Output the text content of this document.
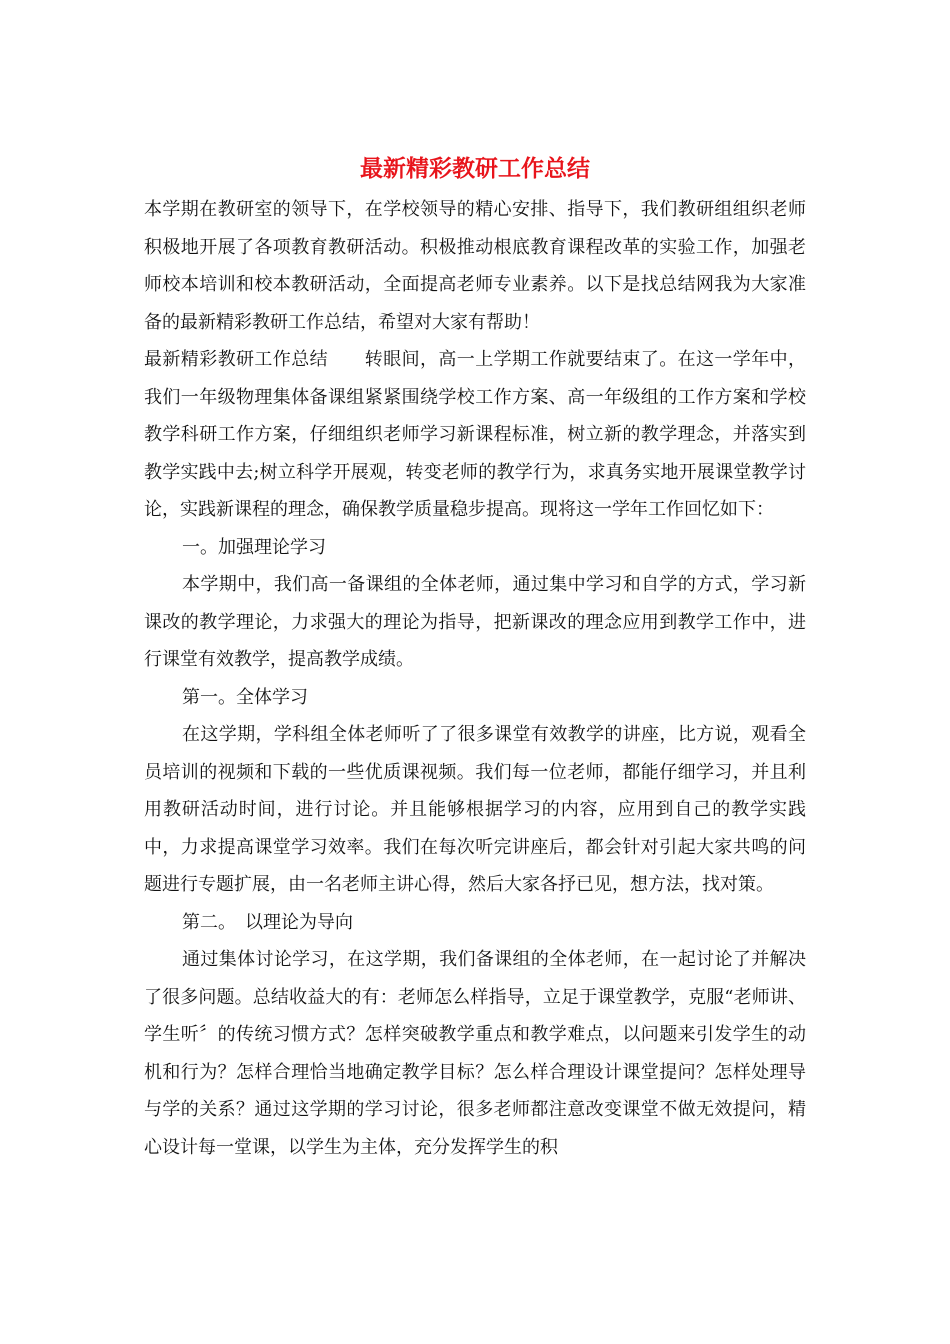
最新精彩教研工作总结

本学期在教研室的领导下，在学校领导的精心安排、指导下，我们教研组组织老师积极地开展了各项教育教研活动。积极推动根底教育课程改革的实验工作，加强老师校本培训和校本教研活动，全面提高老师专业素养。以下是找总结网我为大家准备的最新精彩教研工作总结，希望对大家有帮助！

最新精彩教研工作总结　　转眼间，高一上学期工作就要结束了。在这一学年中，我们一年级物理集体备课组紧紧围绕学校工作方案、高一年级组的工作方案和学校教学科研工作方案，仔细组织老师学习新课程标准，树立新的教学理念，并落实到教学实践中去;树立科学开展观，转变老师的教学行为，求真务实地开展课堂教学讨论，实践新课程的理念，确保教学质量稳步提高。现将这一学年工作回忆如下：

一。加强理论学习

本学期中，我们高一备课组的全体老师，通过集中学习和自学的方式，学习新课改的教学理论，力求强大的理论为指导，把新课改的理念应用到教学工作中，进行课堂有效教学，提高教学成绩。

第一。全体学习

在这学期，学科组全体老师听了了很多课堂有效教学的讲座，比方说，观看全员培训的视频和下载的一些优质课视频。我们每一位老师，都能仔细学习，并且利用教研活动时间，进行讨论。并且能够根据学习的内容，应用到自己的教学实践中，力求提高课堂学习效率。我们在每次听完讲座后，都会针对引起大家共鸣的问题进行专题扩展，由一名老师主讲心得，然后大家各抒已见，想方法，找对策。

第二。　以理论为导向

通过集体讨论学习，在这学期，我们备课组的全体老师，在一起讨论了并解决了很多问题。总结收益大的有：老师怎么样指导，立足于课堂教学，克服“老师讲、学生听〞的传统习惯方式？怎样突破教学重点和教学难点，以问题来引发学生的动机和行为？怎样合理恰当地确定教学目标？怎么样合理设计课堂提问？怎样处理导与学的关系？通过这学期的学习讨论，很多老师都注意改变课堂不做无效提问，精心设计每一堂课，以学生为主体，充分发挥学生的积
